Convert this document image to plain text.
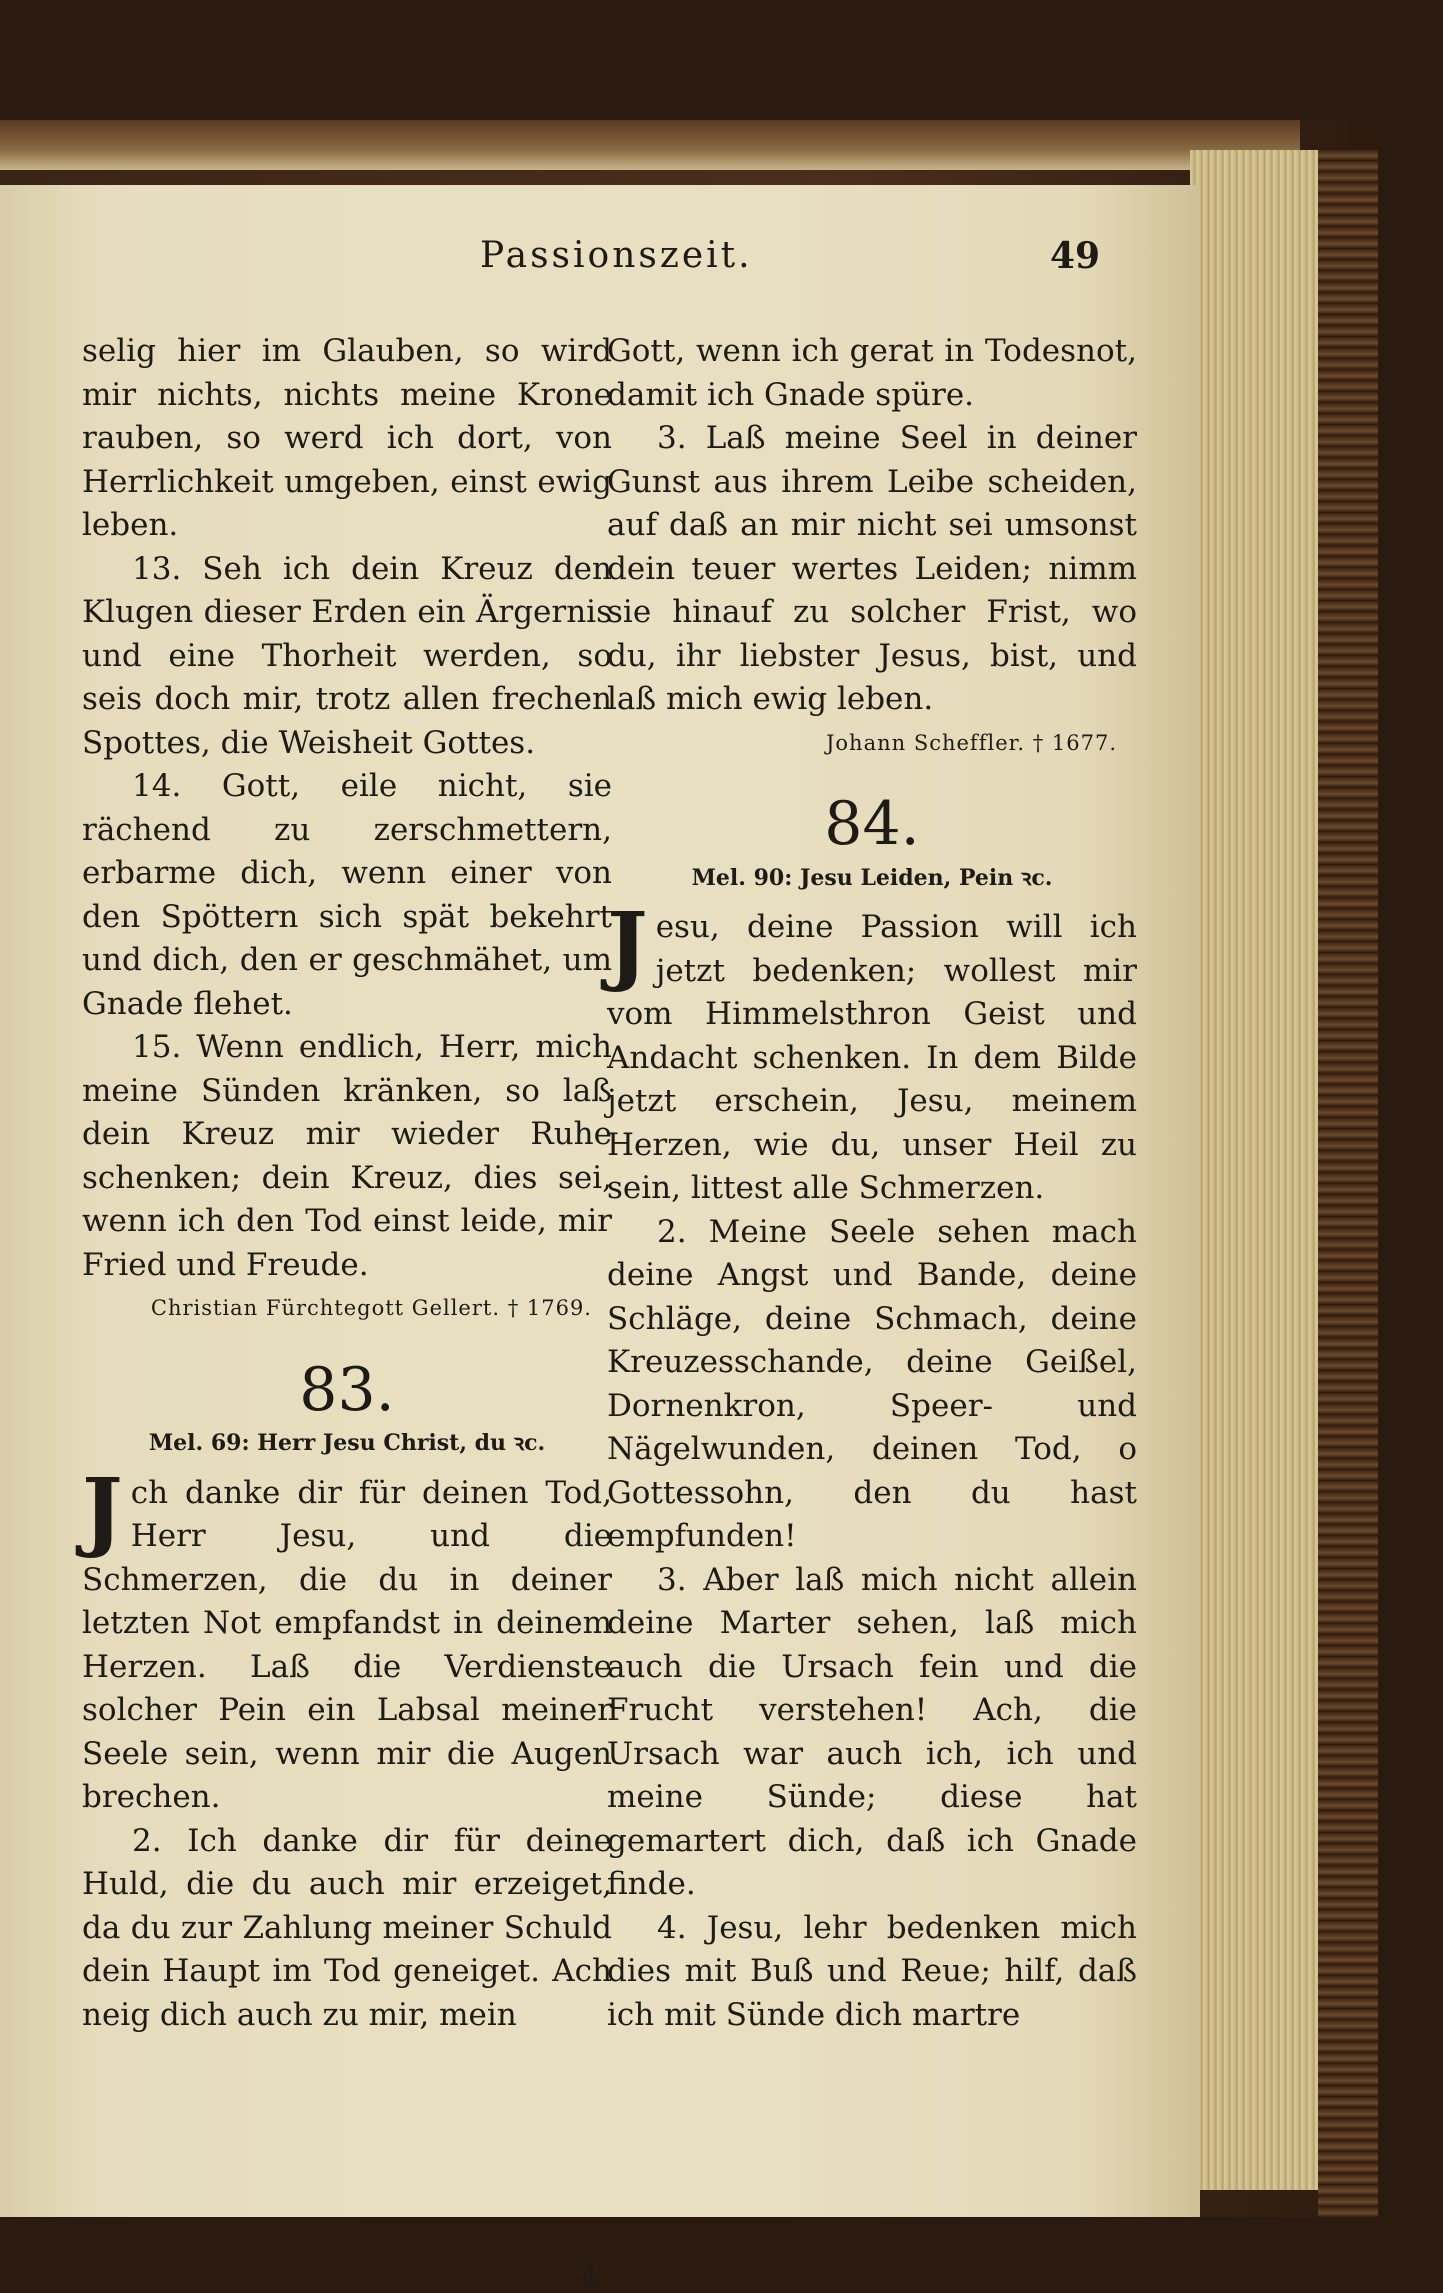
Passionszeit.	49

selig hier im Glauben, so wird mir nichts, nichts meine Krone rauben, so werd ich dort, von Herrlichkeit umgeben, einst ewig leben.

13. Seh ich dein Kreuz den Klugen dieser Erden ein Ärgernis und eine Thorheit werden, so seis doch mir, trotz allen frechen Spottes, die Weisheit Gottes.

14. Gott, eile nicht, sie rächend zu zerschmettern, erbarme dich, wenn einer von den Spöttern sich spät bekehrt und dich, den er geschmähet, um Gnade flehet.

15. Wenn endlich, Herr, mich meine Sünden kränken, so laß dein Kreuz mir wieder Ruhe schenken; dein Kreuz, dies sei, wenn ich den Tod einst leide, mir Fried und Freude.

Christian Fürchtegott Gellert. † 1769.

83.
Mel. 69: Herr Jesu Christ, du ꝛc.

J ch danke dir für deinen Tod, Herr Jesu, und die Schmerzen, die du in deiner letzten Not empfandst in deinem Herzen. Laß die Verdienste solcher Pein ein Labsal meiner Seele sein, wenn mir die Augen brechen.

2. Ich danke dir für deine Huld, die du auch mir erzeiget, da du zur Zahlung meiner Schuld dein Haupt im Tod geneiget. Ach neig dich auch zu mir, mein

Gott, wenn ich gerat in Todesnot, damit ich Gnade spüre.

3. Laß meine Seel in deiner Gunst aus ihrem Leibe scheiden, auf daß an mir nicht sei umsonst dein teuer wertes Leiden; nimm sie hinauf zu solcher Frist, wo du, ihr liebster Jesus, bist, und laß mich ewig leben.

Johann Scheffler. † 1677.

84.
Mel. 90: Jesu Leiden, Pein ꝛc.

J esu, deine Passion will ich jetzt bedenken; wollest mir vom Himmelsthron Geist und Andacht schenken. In dem Bilde jetzt erschein, Jesu, meinem Herzen, wie du, unser Heil zu sein, littest alle Schmerzen.

2. Meine Seele sehen mach deine Angst und Bande, deine Schläge, deine Schmach, deine Kreuzesschande, deine Geißel, Dornenkron, Speer- und Nägelwunden, deinen Tod, o Gottessohn, den du hast empfunden!

3. Aber laß mich nicht allein deine Marter sehen, laß mich auch die Ursach fein und die Frucht verstehen! Ach, die Ursach war auch ich, ich und meine Sünde; diese hat gemartert dich, daß ich Gnade finde.

4. Jesu, lehr bedenken mich dies mit Buß und Reue; hilf, daß ich mit Sünde dich martre

4
